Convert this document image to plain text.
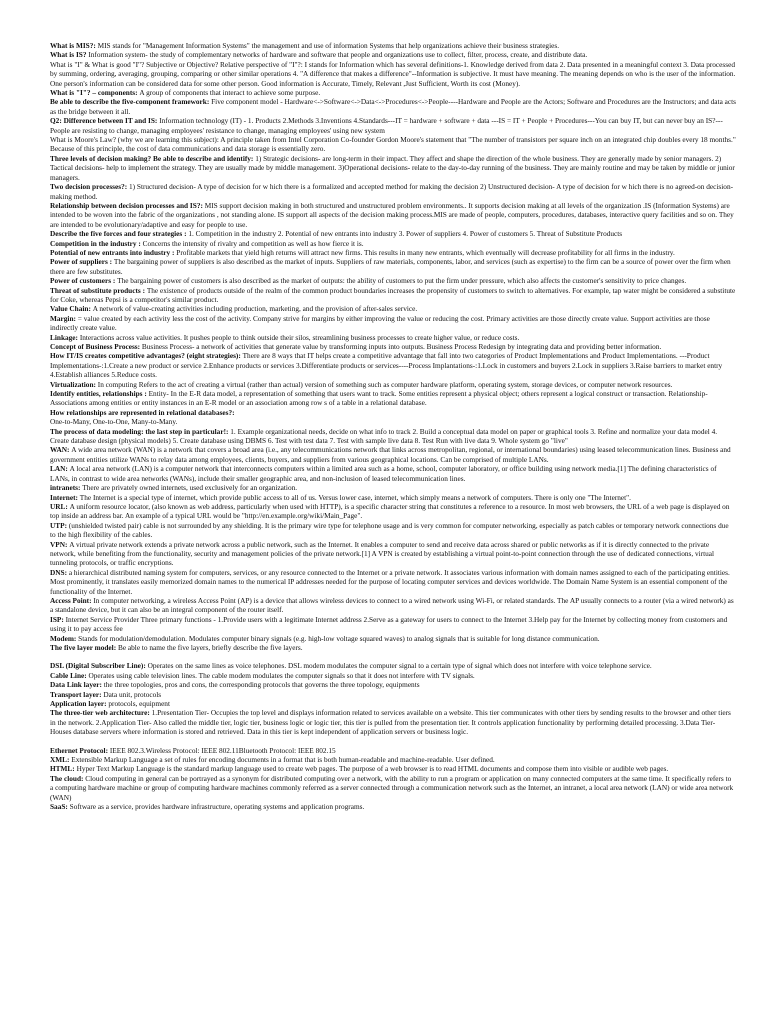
What is MIS?: MIS stands for "Management Information Systems" the management and use of information Systems that help organizations achieve their business strategies.

What is IS? Information system- the study of complementary networks of hardware and software that people and organizations use to collect, filter, process, create, and distribute data.

What is "I" & What is good "I"? Subjective or Objective? Relative perspective of "I"?: I stands for Information which has several definitions-1. Knowledge derived from data 2. Data presented in a meaningful context 3. Data processed by summing, ordering, averaging, grouping, comparing or other similar operations 4. "A difference that makes a difference"--Information is subjective. It must have meaning. The meaning depends on who is the user of the information. One person's information can be considered data for some other person. Good information is Accurate, Timely, Relevant ,Just Sufficient, Worth its cost (Money).

What is "I"? – components: A group of components that interact to achieve some purpose.

Be able to describe the five-component framework: Five component model - Hardware<->Software<->Data<->Procedures<->People----Hardware and People are the Actors; Software and Procedures are the Instructors; and data acts as the bridge between it all.

Q2: Difference between IT and IS: Information technology (IT) - 1. Products 2.Methods 3.Inventions 4.Standards---IT = hardware + software + data ---IS = IT + People + Procedures---You can buy IT, but can never buy an IS?---People are resisting to change, managing employees' resistance to change, managing employees' using new system

What is Moore's Law? (why we are learning this subject): A principle taken from Intel Corporation Co-founder Gordon Moore's statement that "The number of transistors per square inch on an integrated chip doubles every 18 months." Because of this principle, the cost of data communications and data storage is essentially zero.

Three levels of decision making? Be able to describe and identify: 1) Strategic decisions- are long-term in their impact. They affect and shape the direction of the whole business. They are generally made by senior managers. 2) Tactical decisions- help to implement the strategy. They are usually made by middle management. 3)Operational decisions- relate to the day-to-day running of the business. They are mainly routine and may be taken by middle or junior managers.

Two decision processes?: 1) Structured decision- A type of decision for w hich there is a formalized and accepted method for making the decision 2) Unstructured decision- A type of decision for w hich there is no agreed-on decision-making method.

Relationship between decision processes and IS?: MIS support decision making in both structured and unstructured problem environments.. It supports decision making at all levels of the organization .IS (Information Systems) are intended to be woven into the fabric of the organizations , not standing alone. IS support all aspects of the decision making process.MIS are made of people, computers, procedures, databases, interactive query facilities and so on. They are intended to be evolutionary/adaptive and easy for people to use.

Describe the five forces and four strategies : 1. Competition in the industry 2. Potential of new entrants into industry 3. Power of suppliers 4. Power of customers 5. Threat of Substitute Products

Competition in the industry : Concerns the intensity of rivalry and competition as well as how fierce it is.

Potential of new entrants into industry : Profitable markets that yield high returns will attract new firms. This results in many new entrants, which eventually will decrease profitability for all firms in the industry.

Power of suppliers : The bargaining power of suppliers is also described as the market of inputs. Suppliers of raw materials, components, labor, and services (such as expertise) to the firm can be a source of power over the firm when there are few substitutes.

Power of customers : The bargaining power of customers is also described as the market of outputs: the ability of customers to put the firm under pressure, which also affects the customer's sensitivity to price changes.

Threat of substitute products : The existence of products outside of the realm of the common product boundaries increases the propensity of customers to switch to alternatives. For example, tap water might be considered a substitute for Coke, whereas Pepsi is a competitor's similar product.

Value Chain: A network of value-creating activities including production, marketing, and the provision of after-sales service.

Margin: = value created by each activity less the cost of the activity. Company strive for margins by either improving the value or reducing the cost. Primary activities are those directly create value. Support activities are those indirectly create value.

Linkage: Interactions across value activities. It pushes people to think outside their silos, streamlining business processes to create higher value, or reduce costs.

Concept of Business Process: Business Process- a network of activities that generate value by transforming inputs into outputs. Business Process Redesign by integrating data and providing better information.

How IT/IS creates competitive advantages? (eight strategies): There are 8 ways that IT helps create a competitive advantage that fall into two categories of Product Implementations and Product Implementations. ---Product Implementations-:1.Create a new product or service 2.Enhance products or services 3.Differentiate products or services----Process Implantations-:1.Lock in customers and buyers 2.Lock in suppliers 3.Raise barriers to market entry 4.Establish alliances 5.Reduce costs.

Virtualization: In computing Refers to the act of creating a virtual (rather than actual) version of something such as computer hardware platform, operating system, storage devices, or computer network resources.

Identify entities, relationships : Entity- In the E-R data model, a representation of something that users want to track. Some entities represent a physical object; others represent a logical construct or transaction. Relationship- Associations among entities or entity instances in an E-R model or an association among row s of a table in a relational database.

How relationships are represented in relational databases?:

One-to-Many, One-to-One, Many-to-Many.

The process of data modeling: the last step in particular!: 1. Example organizational needs, decide on what info to track 2. Build a conceptual data model on paper or graphical tools 3. Refine and normalize your data model 4. Create database design (physical models) 5. Create database using DBMS 6. Test with test data 7. Test with sample live data 8. Test Run with live data 9. Whole system go "live"

WAN: A wide area network (WAN) is a network that covers a broad area (i.e., any telecommunications network that links across metropolitan, regional, or international boundaries) using leased telecommunication lines. Business and government entities utilize WANs to relay data among employees, clients, buyers, and suppliers from various geographical locations. Can be comprised of multiple LANs.

LAN: A local area network (LAN) is a computer network that interconnects computers within a limited area such as a home, school, computer laboratory, or office building using network media.[1] The defining characteristics of LANs, in contrast to wide area networks (WANs), include their smaller geographic area, and non-inclusion of leased telecommunication lines.

intranets: There are privately owned internets, used exclusively for an organization.

Internet: The Internet is a special type of internet, which provide public access to all of us. Versus lower case, internet, which simply means a network of computers. There is only one "The Internet".

URL: A uniform resource locator, (also known as web address, particularly when used with HTTP), is a specific character string that constitutes a reference to a resource. In most web browsers, the URL of a web page is displayed on top inside an address bar. An example of a typical URL would be "http://en.example.org/wiki/Main_Page".

UTP: (unshielded twisted pair) cable is not surrounded by any shielding. It is the primary wire type for telephone usage and is very common for computer networking, especially as patch cables or temporary network connections due to the high flexibility of the cables.

VPN: A virtual private network extends a private network across a public network, such as the Internet. It enables a computer to send and receive data across shared or public networks as if it is directly connected to the private network, while benefiting from the functionality, security and management policies of the private network.[1] A VPN is created by establishing a virtual point-to-point connection through the use of dedicated connections, virtual tunneling protocols, or traffic encryptions.

DNS: a hierarchical distributed naming system for computers, services, or any resource connected to the Internet or a private network. It associates various information with domain names assigned to each of the participating entities. Most prominently, it translates easily memorized domain names to the numerical IP addresses needed for the purpose of locating computer services and devices worldwide. The Domain Name System is an essential component of the functionality of the Internet.

Access Point: In computer networking, a wireless Access Point (AP) is a device that allows wireless devices to connect to a wired network using Wi-Fi, or related standards. The AP usually connects to a router (via a wired network) as a standalone device, but it can also be an integral component of the router itself.

ISP: Internet Service Provider Three primary functions - 1.Provide users with a legitimate Internet address 2.Serve as a gateway for users to connect to the Internet 3.Help pay for the Internet by collecting money from customers and using it to pay access fee

Modem: Stands for modulation/demodulation. Modulates computer binary signals (e.g. high-low voltage squared waves) to analog signals that is suitable for long distance communication.

The five layer model: Be able to name the five layers, briefly describe the five layers.

DSL (Digital Subscriber Line): Operates on the same lines as voice telephones. DSL modem modulates the computer signal to a certain type of signal which does not interfere with voice telephone service.

Cable Line: Operates using cable television lines. The cable modem modulates the computer signals so that it does not interfere with TV signals.

Data Link layer: the three topologies, pros and cons, the corresponding protocols that governs the three topology, equipments

Transport layer: Data unit, protocols

Application layer: protocols, equipment

The three-tier web architecture: 1.Presentation Tier- Occupies the top level and displays information related to services available on a website. This tier communicates with other tiers by sending results to the browser and other tiers in the network. 2.Application Tier- Also called the middle tier, logic tier, business logic or logic tier, this tier is pulled from the presentation tier. It controls application functionality by performing detailed processing. 3.Data Tier- Houses database servers where information is stored and retrieved. Data in this tier is kept independent of application servers or business logic.

Ethernet Protocol: IEEE 802.3.Wireless Protocol: IEEE 802.11Bluetooth Protocol: IEEE 802.15

XML: Extensible Markup Language a set of rules for encoding documents in a format that is both human-readable and machine-readable. User defined.

HTML: Hyper Text Markup Language is the standard markup language used to create web pages. The purpose of a web browser is to read HTML documents and compose them into visible or audible web pages.

The cloud: Cloud computing in general can be portrayed as a synonym for distributed computing over a network, with the ability to run a program or application on many connected computers at the same time. It specifically refers to a computing hardware machine or group of computing hardware machines commonly referred as a server connected through a communication network such as the Internet, an intranet, a local area network (LAN) or wide area network (WAN)

SaaS: Software as a service, provides hardware infrastructure, operating systems and application programs.
